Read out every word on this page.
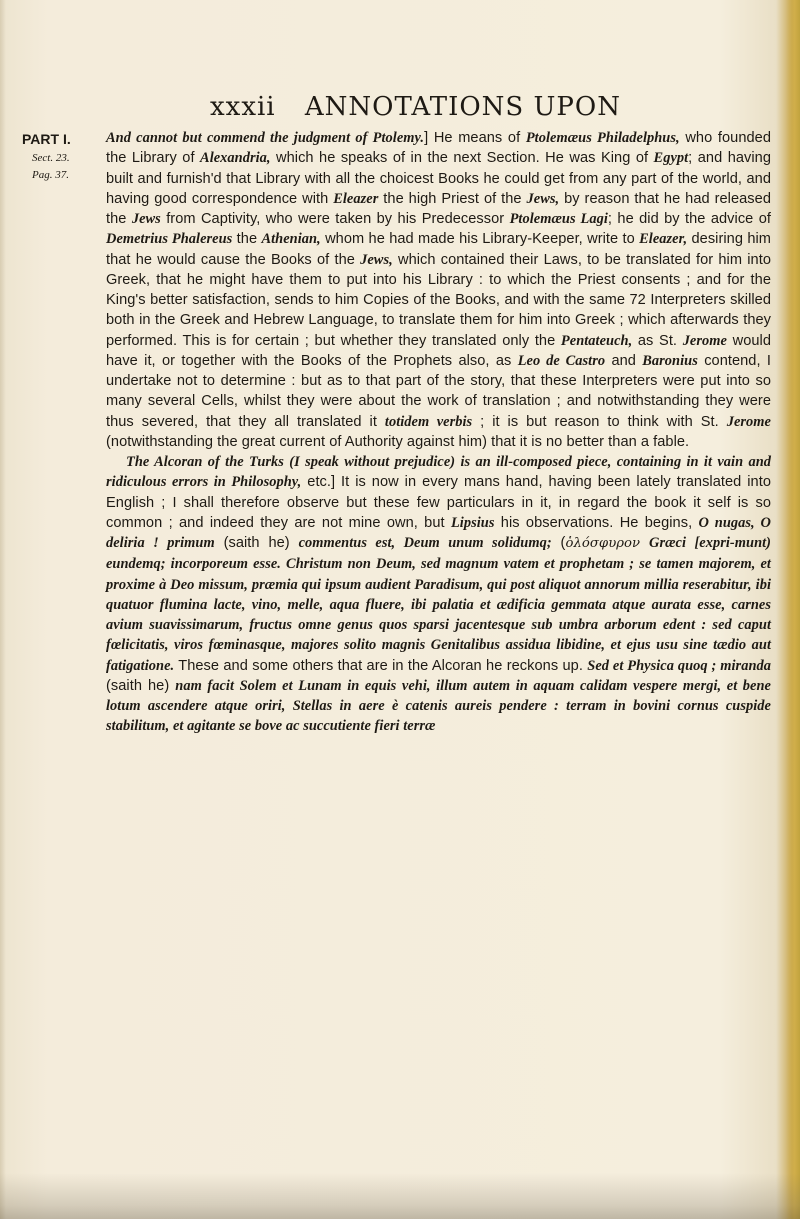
xxxii ANNOTATIONS UPON
PART I.
Sect. 23.
Pag. 37.

And cannot but commend the judgment of Ptolemy.] He means of Ptolemæus Philadelphus, who founded the Library of Alexandria, which he speaks of in the next Section. He was King of Egypt; and having built and furnish'd that Library with all the choicest Books he could get from any part of the world, and having good correspondence with Eleazer the high Priest of the Jews, by reason that he had released the Jews from Captivity, who were taken by his Predecessor Ptolemæus Lagi; he did by the advice of Demetrius Phalereus the Athenian, whom he had made his Library-Keeper, write to Eleazer, desiring him that he would cause the Books of the Jews, which contained their Laws, to be translated for him into Greek, that he might have them to put into his Library : to which the Priest consents ; and for the King's better satisfaction, sends to him Copies of the Books, and with the same 72 Interpreters skilled both in the Greek and Hebrew Language, to translate them for him into Greek ; which afterwards they performed. This is for certain ; but whether they translated only the Pentateuch, as St. Jerome would have it, or together with the Books of the Prophets also, as Leo de Castro and Baronius contend, I undertake not to determine : but as to that part of the story, that these Interpreters were put into so many several Cells, whilst they were about the work of translation ; and notwithstanding they were thus severed, that they all translated it totidem verbis ; it is but reason to think with St. Jerome (notwithstanding the great current of Authority against him) that it is no better than a fable.

The Alcoran of the Turks (I speak without prejudice) is an ill-composed piece, containing in it vain and ridiculous errors in Philosophy, etc.] It is now in every mans hand, having been lately translated into English ; I shall therefore observe but these few particulars in it, in regard the book it self is so common ; and indeed they are not mine own, but Lipsius his observations. He begins, O nugas, O deliria ! primum (saith he) commentus est, Deum unum solidumq; (ὁλόσφυρον Græci [expri-munt) eundemq; incorporeum esse. Christum non Deum, sed magnum vatem et prophetam ; se tamen majorem, et proxime à Deo missum, præmia qui ipsum audient Paradisum, qui post aliquot annorum millia reserabitur, ibi quatuor flumina lacte, vino, melle, aqua fluere, ibi palatia et ædificia gemmata atque aurata esse, carnes avium suavissimarum, fructus omne genus quos sparsi jacentesque sub umbra arborum edent : sed caput fœlicitatis, viros fœminasque, majores solito magnis Genitalibus assidua libidine, et ejus usu sine tædio aut fatigatione. These and some others that are in the Alcoran he reckons up. Sed et Physica quoq ; miranda (saith he) nam facit Solem et Lunam in equis vehi, illum autem in aquam calidam vespere mergi, et bene lotum ascendere atque oriri, Stellas in aere è catenis aureis pendere : terram in bovini cornus cuspide stabilitum, et agitante se bove ac succutiente fieri terræ
